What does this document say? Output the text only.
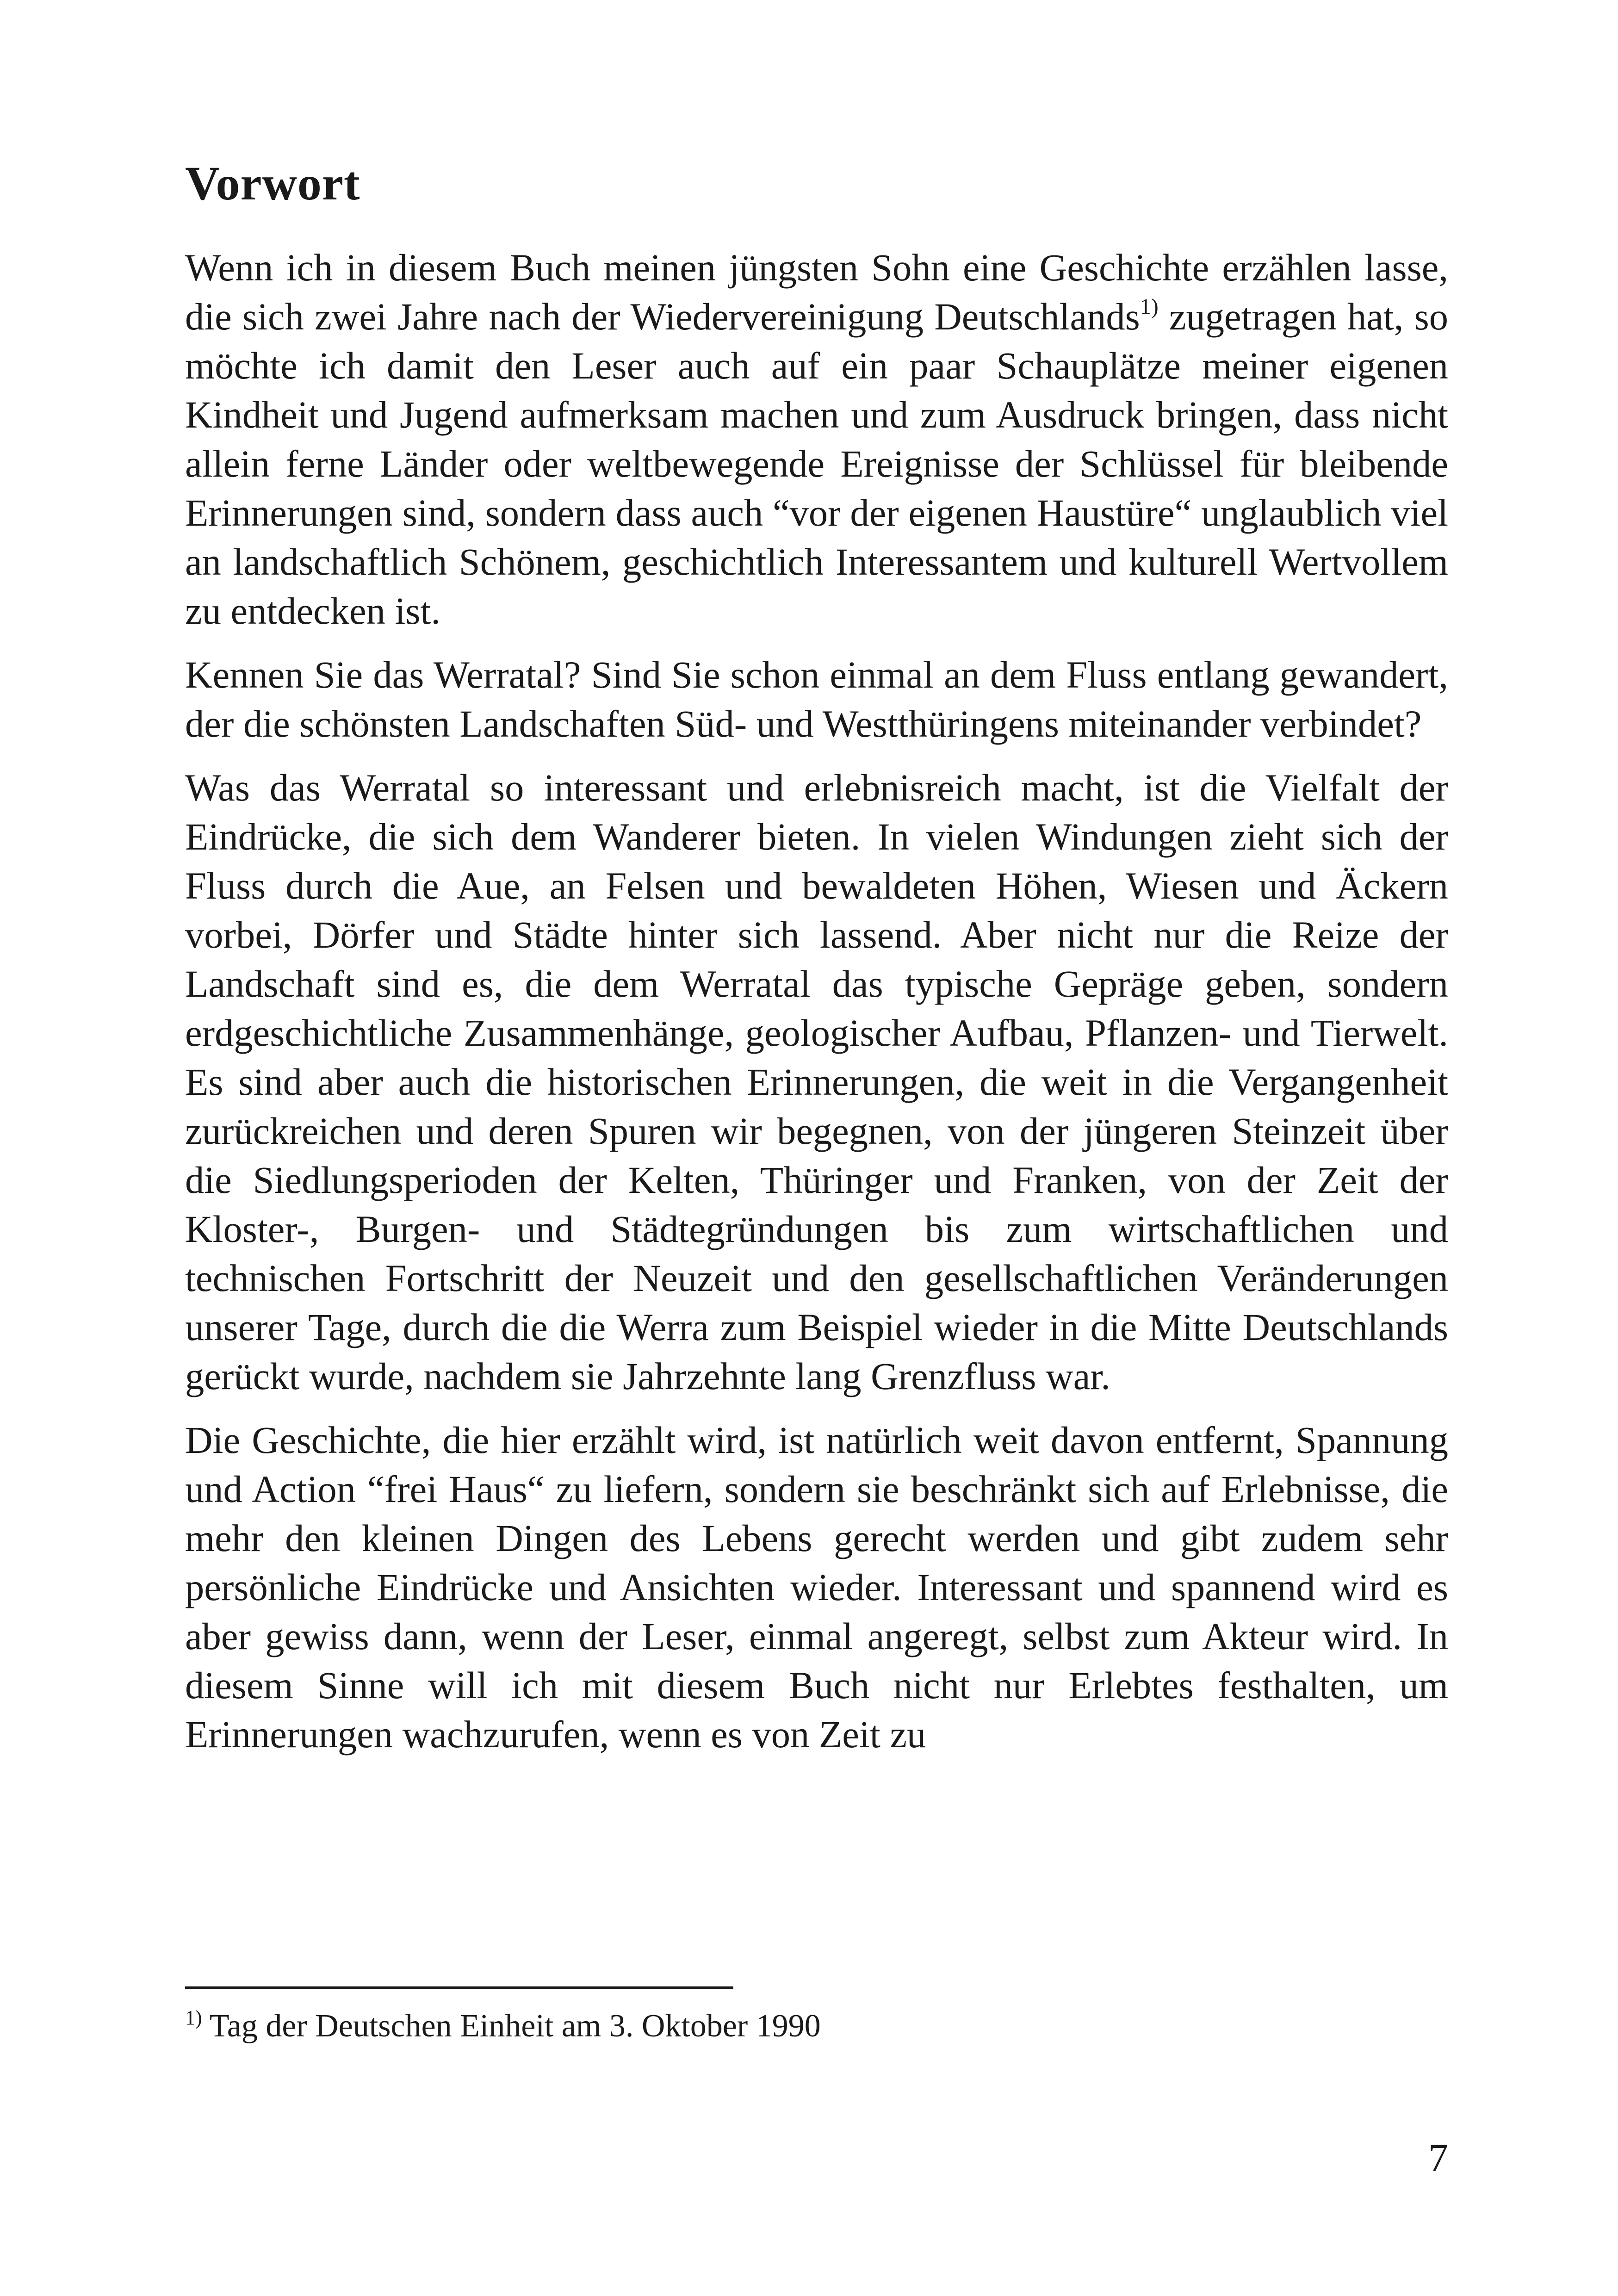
Vorwort

Wenn ich in diesem Buch meinen jüngsten Sohn eine Geschichte erzählen lasse, die sich zwei Jahre nach der Wiedervereinigung Deutschlands$^{1)}$ zugetragen hat, so möchte ich damit den Leser auch auf ein paar Schauplätze meiner eigenen Kindheit und Jugend aufmerksam machen und zum Ausdruck bringen, dass nicht allein ferne Länder oder weltbewegende Ereignisse der Schlüssel für bleibende Erinnerungen sind, sondern dass auch “vor der eigenen Haustüre“ unglaublich viel an landschaftlich Schönem, geschichtlich Interessantem und kulturell Wertvollem zu entdecken ist.

Kennen Sie das Werratal? Sind Sie schon einmal an dem Fluss entlang gewandert, der die schönsten Landschaften Süd- und Westthüringens miteinander verbindet?

Was das Werratal so interessant und erlebnisreich macht, ist die Vielfalt der Eindrücke, die sich dem Wanderer bieten. In vielen Windungen zieht sich der Fluss durch die Aue, an Felsen und bewaldeten Höhen, Wiesen und Äckern vorbei, Dörfer und Städte hinter sich lassend. Aber nicht nur die Reize der Landschaft sind es, die dem Werratal das typische Gepräge geben, sondern erdgeschichtliche Zusammenhänge, geologischer Aufbau, Pflanzen- und Tierwelt. Es sind aber auch die historischen Erinnerungen, die weit in die Vergangenheit zurückreichen und deren Spuren wir begegnen, von der jüngeren Steinzeit über die Siedlungsperioden der Kelten, Thüringer und Franken, von der Zeit der Kloster-, Burgen- und Städtegründungen bis zum wirtschaftlichen und technischen Fortschritt der Neuzeit und den gesellschaftlichen Veränderungen unserer Tage, durch die die Werra zum Beispiel wieder in die Mitte Deutschlands gerückt wurde, nachdem sie Jahrzehnte lang Grenzfluss war.

Die Geschichte, die hier erzählt wird, ist natürlich weit davon entfernt, Spannung und Action “frei Haus“ zu liefern, sondern sie beschränkt sich auf Erlebnisse, die mehr den kleinen Dingen des Lebens gerecht werden und gibt zudem sehr persönliche Eindrücke und Ansichten wieder. Interessant und spannend wird es aber gewiss dann, wenn der Leser, einmal angeregt, selbst zum Akteur wird. In diesem Sinne will ich mit diesem Buch nicht nur Erlebtes festhalten, um Erinnerungen wachzurufen, wenn es von Zeit zu

$^{1)}$ Tag der Deutschen Einheit am 3. Oktober 1990

7
